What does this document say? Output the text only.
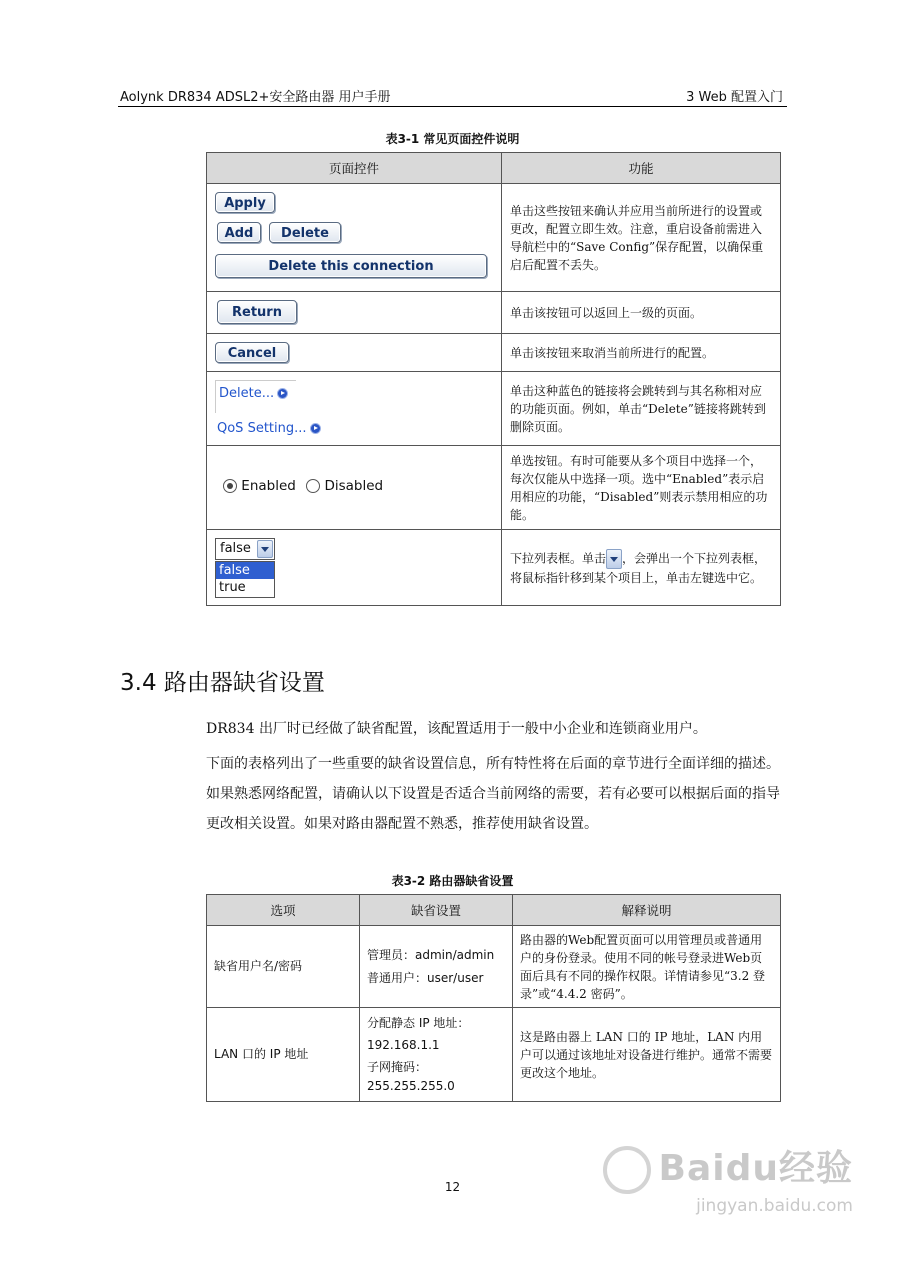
Aolynk DR834 ADSL2+安全路由器 用户手册	3 Web 配置入门
表3-1 常见页面控件说明
页面控件	功能

Apply
Add Delete
Delete this connection	单击这些按钮来确认并应用当前所进行的设置或更改，配置立即生效。注意，重启设备前需进入导航栏中的“Save Config”保存配置，以确保重启后配置不丢失。

Return	单击该按钮可以返回上一级的页面。

Cancel	单击该按钮来取消当前所进行的配置。

Delete...
QoS Setting...	单击这种蓝色的链接将会跳转到与其名称相对应的功能页面。例如，单击“Delete”链接将跳转到删除页面。

Enabled Disabled	单选按钮。有时可能要从多个项目中选择一个，每次仅能从中选择一项。选中“Enabled”表示启用相应的功能，“Disabled”则表示禁用相应的功能。

false
false
true	下拉列表框。单击 ，会弹出一个下拉列表框，将鼠标指针移到某个项目上，单击左键选中它。
3.4 路由器缺省设置
DR834 出厂时已经做了缺省配置，该配置适用于一般中小企业和连锁商业用户。
下面的表格列出了一些重要的缺省设置信息，所有特性将在后面的章节进行全面详细的描述。如果熟悉网络配置，请确认以下设置是否适合当前网络的需要，若有必要可以根据后面的指导更改相关设置。如果对路由器配置不熟悉，推荐使用缺省设置。
表3-2 路由器缺省设置
选项	缺省设置	解释说明
缺省用户名/密码	管理员：admin/admin
普通用户：user/user	路由器的Web配置页面可以用管理员或普通用户的身份登录。使用不同的帐号登录进Web页面后具有不同的操作权限。详情请参见“3.2 登录”或“4.4.2 密码”。
LAN 口的 IP 地址	分配静态 IP 地址：
192.168.1.1
子网掩码：
255.255.255.0	这是路由器上 LAN 口的 IP 地址，LAN 内用户可以通过该地址对设备进行维护。通常不需要更改这个地址。
12	Baidu经验
jingyan.baidu.com
